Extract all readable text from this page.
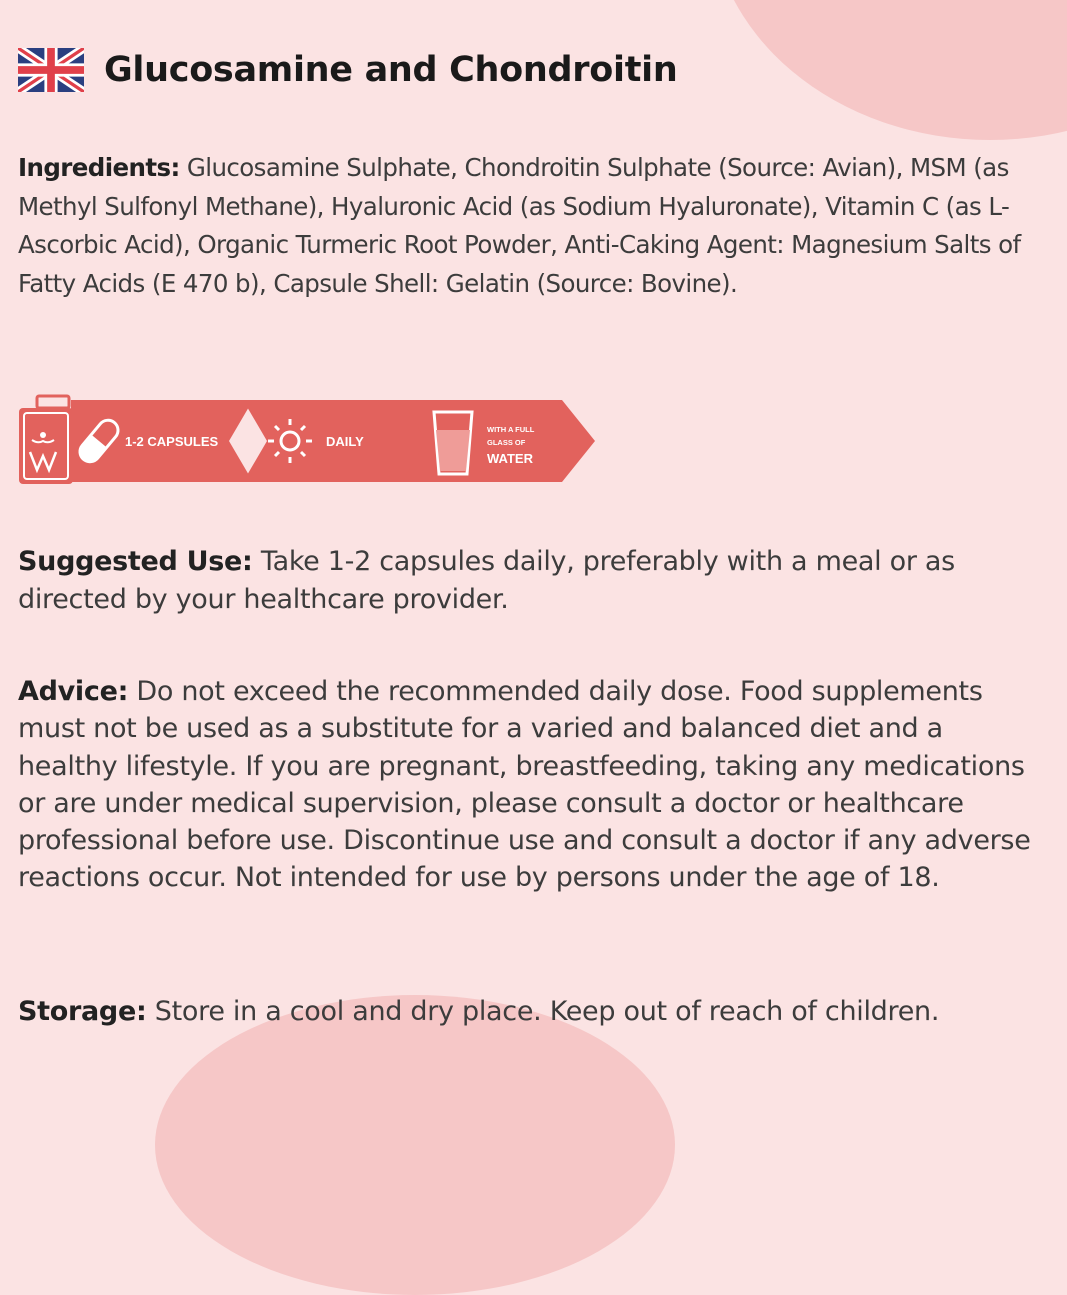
Glucosamine and Chondroitin

Ingredients: Glucosamine Sulphate, Chondroitin Sulphate (Source: Avian), MSM (as Methyl Sulfonyl Methane), Hyaluronic Acid (as Sodium Hyaluronate), Vitamin C (as L-Ascorbic Acid), Organic Turmeric Root Powder, Anti-Caking Agent: Magnesium Salts of Fatty Acids (E 470 b), Capsule Shell: Gelatin (Source: Bovine).

1-2 CAPSULES	DAILY
WITH A FULL
GLASS OF
WATER

Suggested Use: Take 1-2 capsules daily, preferably with a meal or as directed by your healthcare provider.

Advice: Do not exceed the recommended daily dose. Food supplements must not be used as a substitute for a varied and balanced diet and a healthy lifestyle. If you are pregnant, breastfeeding, taking any medications or are under medical supervision, please consult a doctor or healthcare professional before use. Discontinue use and consult a doctor if any adverse reactions occur. Not intended for use by persons under the age of 18.

Storage: Store in a cool and dry place. Keep out of reach of children.
